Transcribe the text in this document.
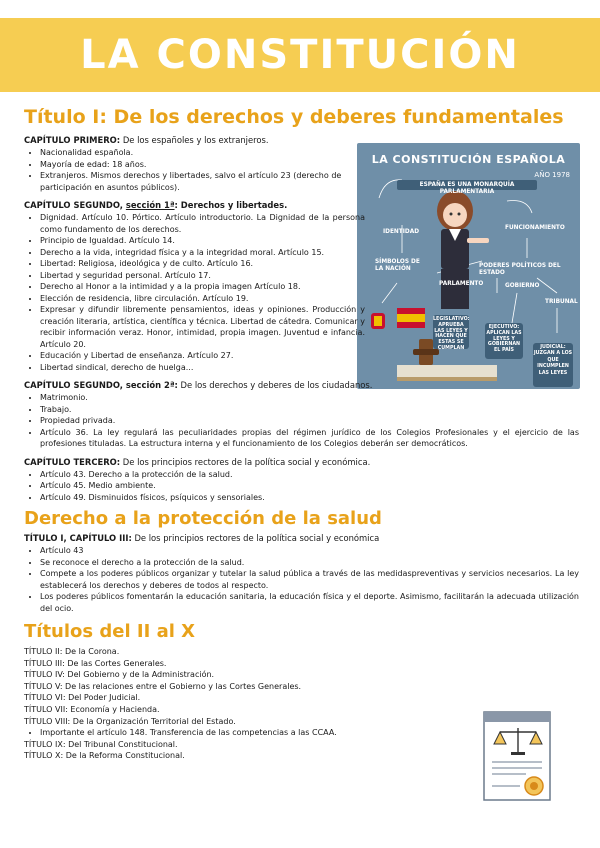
LA CONSTITUCIÓN
LA CONSTITUCIÓN ESPAÑOLA
AÑO 1978
ESPAÑA ES UNA MONARQUÍA PARLAMENTARIA
IDENTIDAD
FUNCIONAMIENTO
SÍMBOLOS DE LA NACIÓN	PODERES POLÍTICOS DEL ESTADO
PARLAMENTO	GOBIERNO
TRIBUNAL
LEGISLATIVO: APRUEBA LAS LEYES Y HACEN QUE ESTAS SE CUMPLAN
EJECUTIVO: APLICAN LAS LEYES Y GOBIERNAN EL PAÍS
JUDICIAL: JUZGAN A LOS QUE INCUMPLEN LAS LEYES
Título I: De los derechos y deberes fundamentales

CAPÍTULO PRIMERO: De los españoles y los extranjeros.

• Nacionalidad española.
• Mayoría de edad: 18 años.
• Extranjeros. Mismos derechos y libertades, salvo el artículo 23 (derecho de participación en asuntos públicos).

CAPÍTULO SEGUNDO, sección 1ª: Derechos y libertades.

• Dignidad. Artículo 10. Pórtico. Artículo introductorio. La Dignidad de la persona como fundamento de los derechos.
• Principio de Igualdad. Artículo 14.
• Derecho a la vida, integridad física y a la integridad moral. Artículo 15.
• Libertad: Religiosa, ideológica y de culto. Artículo 16.
• Libertad y seguridad personal. Artículo 17.
• Derecho al Honor a la intimidad y a la propia imagen Artículo 18.
• Elección de residencia, libre circulación. Artículo 19.
• Expresar y difundir libremente pensamientos, ideas y opiniones. Producción y creación literaria, artística, científica y técnica. Libertad de cátedra. Comunicar y recibir información veraz. Honor, intimidad, propia imagen. Juventud e infancia. Artículo 20.
• Educación y Libertad de enseñanza. Artículo 27.
• Libertad sindical, derecho de huelga...

CAPÍTULO SEGUNDO, sección 2ª: De los derechos y deberes de los ciudadanos.

• Matrimonio.
• Trabajo.
• Propiedad privada.
• Artículo 36. La ley regulará las peculiaridades propias del régimen jurídico de los Colegios Profesionales y el ejercicio de las profesiones tituladas. La estructura interna y el funcionamiento de los Colegios deberán ser democráticos.

CAPÍTULO TERCERO: De los principios rectores de la política social y económica.

• Artículo 43. Derecho a la protección de la salud.
• Artículo 45. Medio ambiente.
• Artículo 49. Disminuidos físicos, psíquicos y sensoriales.
Derecho a la protección de la salud

TÍTULO I, CAPÍTULO III: De los principios rectores de la política social y económica

• Artículo 43
• Se reconoce el derecho a la protección de la salud.
• Compete a los poderes públicos organizar y tutelar la salud pública a través de las medidaspreventivas y servicios necesarios. La ley establecerá los derechos y deberes de todos al respecto.
• Los poderes públicos fomentarán la educación sanitaria, la educación física y el deporte. Asimismo, facilitarán la adecuada utilización del ocio.
Títulos del II al X

TÍTULO II: De la Corona.

TÍTULO III: De las Cortes Generales.

TÍTULO IV: Del Gobierno y de la Administración.

TÍTULO V: De las relaciones entre el Gobierno y las Cortes Generales.

TÍTULO VI: Del Poder Judicial.

TÍTULO VII: Economía y Hacienda.

TÍTULO VIII: De la Organización Territorial del Estado.

• Importante el artículo 148. Transferencia de las competencias a las CCAA.

TÍTULO IX: Del Tribunal Constitucional.

TÍTULO X: De la Reforma Constitucional.
